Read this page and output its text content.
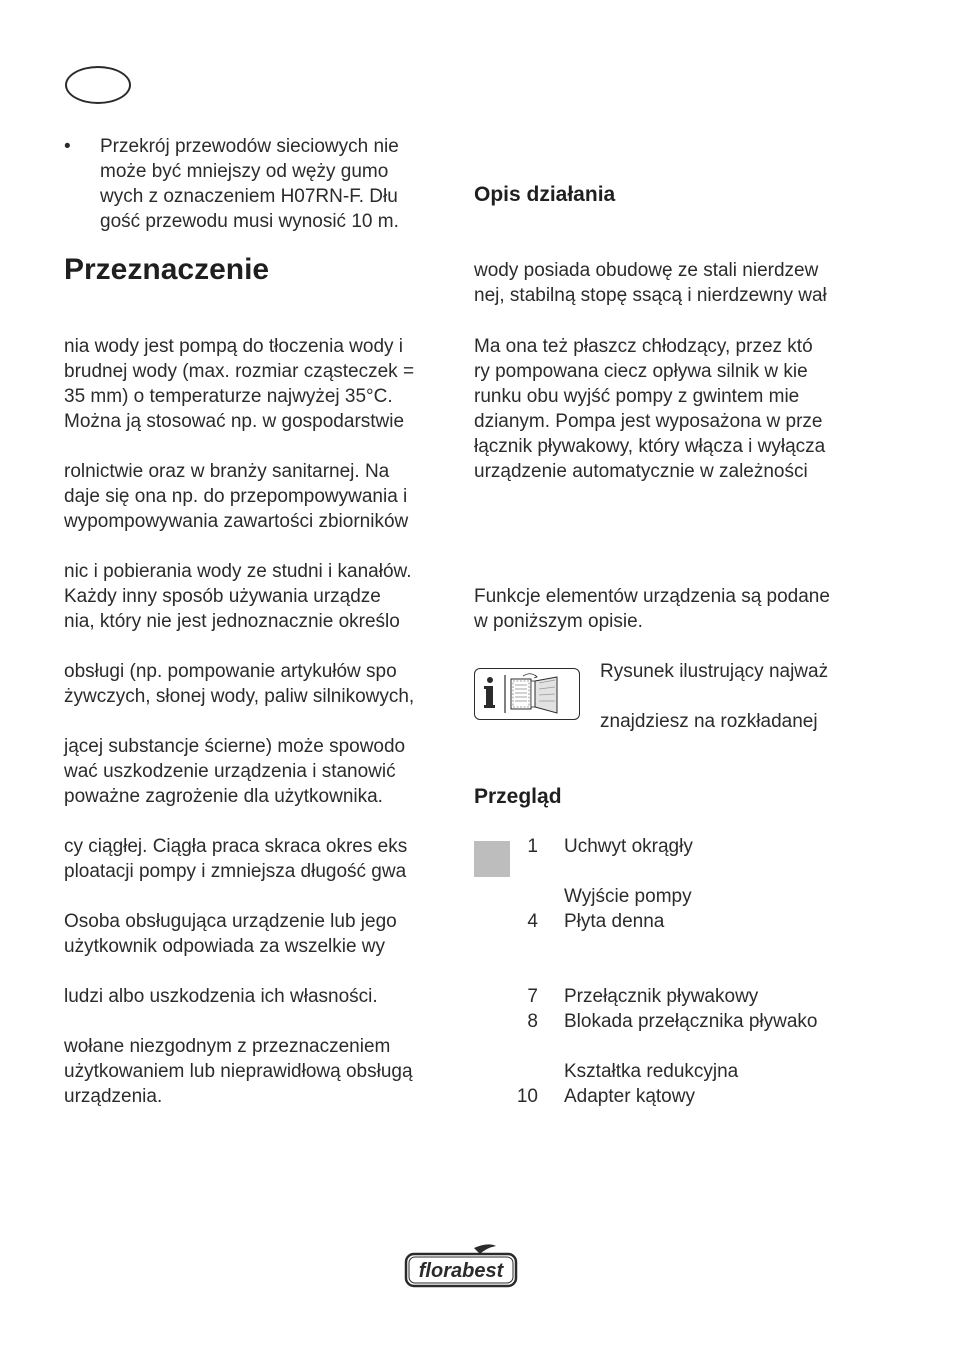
• Przekrój przewodów sieciowych nie
może być mniejszy od węży gumo
wych z oznaczeniem H07RN-F. Dłu
gość przewodu musi wynosić 10 m.
Przeznaczenie
nia wody jest pompą do tłoczenia wody i
brudnej wody (max. rozmiar cząsteczek =
35 mm) o temperaturze najwyżej 35°C.
Można ją stosować np. w gospodarstwie
rolnictwie oraz w branży sanitarnej. Na
daje się ona np. do przepompowywania i
wypompowywania zawartości zbiorników
nic i pobierania wody ze studni i kanałów.
Każdy inny sposób używania urządze
nia, który nie jest jednoznacznie określo
obsługi (np. pompowanie artykułów spo
żywczych, słonej wody, paliw silnikowych,
jącej substancje ścierne) może spowodo
wać uszkodzenie urządzenia i stanowić
poważne zagrożenie dla użytkownika.
cy ciągłej. Ciągła praca skraca okres eks
ploatacji pompy i zmniejsza długość gwa
Osoba obsługująca urządzenie lub jego
użytkownik odpowiada za wszelkie wy
ludzi albo uszkodzenia ich własności.
wołane niezgodnym z przeznaczeniem
użytkowaniem lub nieprawidłową obsługą
urządzenia.
Opis działania
wody posiada obudowę ze stali nierdzew
nej, stabilną stopę ssącą i nierdzewny wał
Ma ona też płaszcz chłodzący, przez któ
ry pompowana ciecz opływa silnik w kie
runku obu wyjść pompy z gwintem mie
dzianym. Pompa jest wyposażona w prze
łącznik pływakowy, który włącza i wyłącza
urządzenie automatycznie w zależności
Funkcje elementów urządzenia są podane
w poniższym opisie.
Rysunek ilustrujący najważ
znajdziesz na rozkładanej
Przegląd
1 Uchwyt okrągły
Wyjście pompy
4 Płyta denna
7 Przełącznik pływakowy
8 Blokada przełącznika pływako
Kształtka redukcyjna
10 Adapter kątowy
florabest
